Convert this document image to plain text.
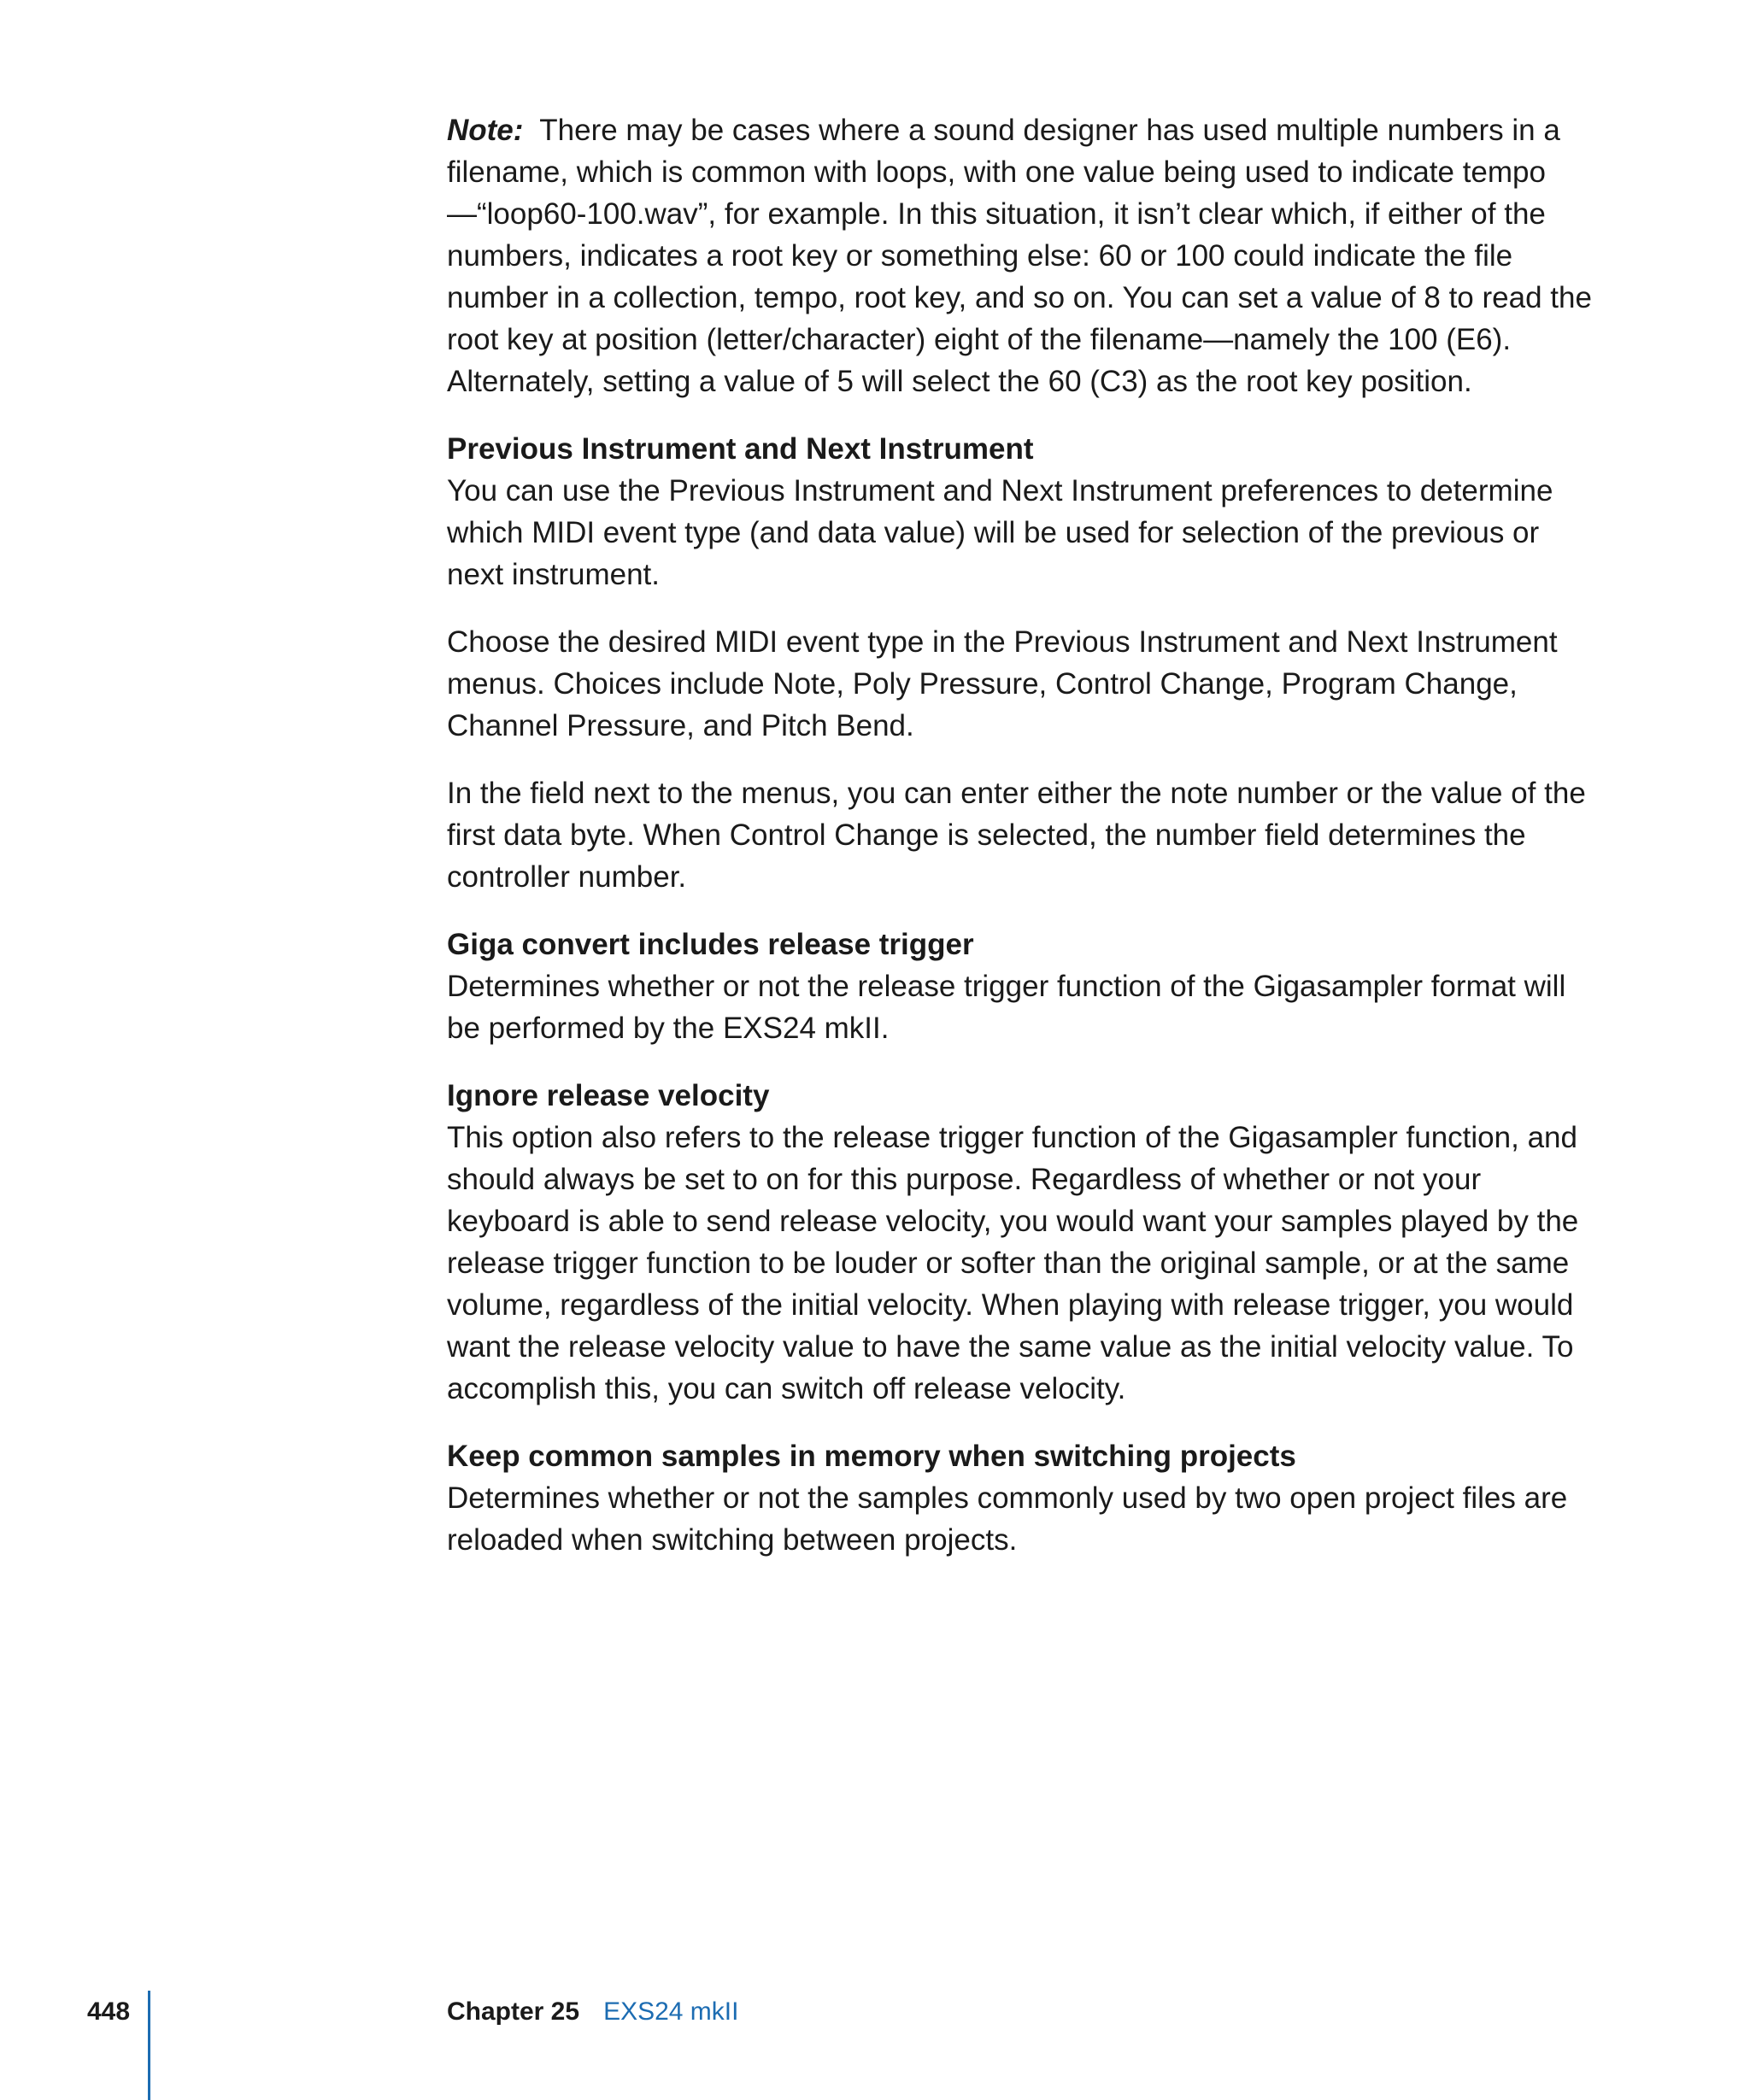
Note: There may be cases where a sound designer has used multiple numbers in a filename, which is common with loops, with one value being used to indicate tempo—“loop60-100.wav”, for example. In this situation, it isn’t clear which, if either of the numbers, indicates a root key or something else: 60 or 100 could indicate the file number in a collection, tempo, root key, and so on. You can set a value of 8 to read the root key at position (letter/character) eight of the filename—namely the 100 (E6). Alternately, setting a value of 5 will select the 60 (C3) as the root key position.

Previous Instrument and Next Instrument

You can use the Previous Instrument and Next Instrument preferences to determine which MIDI event type (and data value) will be used for selection of the previous or next instrument.

Choose the desired MIDI event type in the Previous Instrument and Next Instrument menus. Choices include Note, Poly Pressure, Control Change, Program Change, Channel Pressure, and Pitch Bend.

In the field next to the menus, you can enter either the note number or the value of the first data byte. When Control Change is selected, the number field determines the controller number.

Giga convert includes release trigger

Determines whether or not the release trigger function of the Gigasampler format will be performed by the EXS24 mkII.

Ignore release velocity

This option also refers to the release trigger function of the Gigasampler function, and should always be set to on for this purpose. Regardless of whether or not your keyboard is able to send release velocity, you would want your samples played by the release trigger function to be louder or softer than the original sample, or at the same volume, regardless of the initial velocity. When playing with release trigger, you would want the release velocity value to have the same value as the initial velocity value. To accomplish this, you can switch off release velocity.

Keep common samples in memory when switching projects

Determines whether or not the samples commonly used by two open project files are reloaded when switching between projects.

448	Chapter 25 EXS24 mkII
